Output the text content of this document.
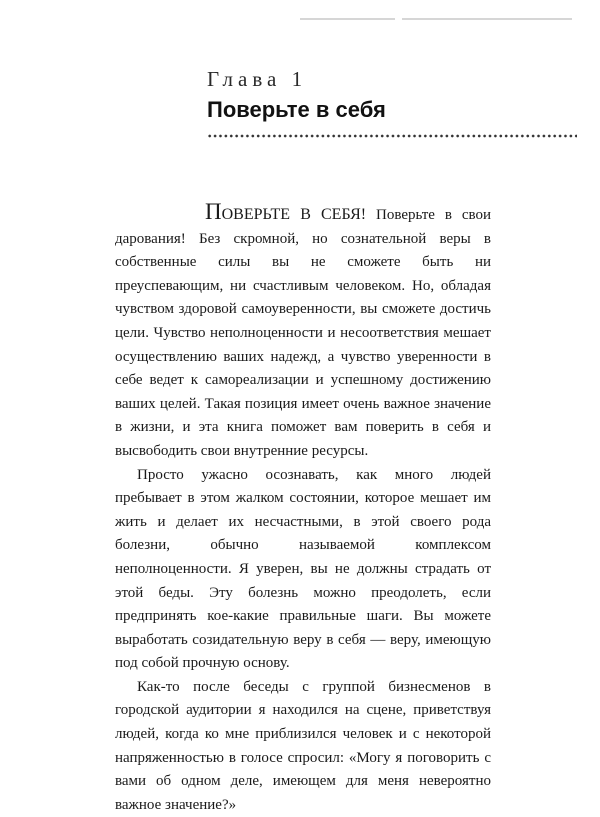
Глава 1
Поверьте в себя

ПОВЕРЬТЕ В СЕБЯ! Поверьте в свои дарования! Без скромной, но сознательной веры в собственные силы вы не сможете быть ни преуспевающим, ни счастливым человеком. Но, обладая чувством здоровой самоуверенности, вы сможете достичь цели. Чувство неполноценности и несоответствия мешает осуществлению ваших надежд, а чувство уверенности в себе ведет к самореализации и успешному достижению ваших целей. Такая позиция имеет очень важное значение в жизни, и эта книга поможет вам поверить в себя и высвободить свои внутренние ресурсы.

Просто ужасно осознавать, как много людей пребывает в этом жалком состоянии, которое мешает им жить и делает их несчастными, в этой своего рода болезни, обычно называемой комплексом неполноценности. Я уверен, вы не должны страдать от этой беды. Эту болезнь можно преодолеть, если предпринять кое-какие правильные шаги. Вы можете выработать созидательную веру в себя — веру, имеющую под собой прочную основу.

Как-то после беседы с группой бизнесменов в городской аудитории я находился на сцене, приветствуя людей, когда ко мне приблизился человек и с некоторой напряженностью в голосе спросил: «Могу я поговорить с вами об одном деле, имеющем для меня невероятно важное значение?»
